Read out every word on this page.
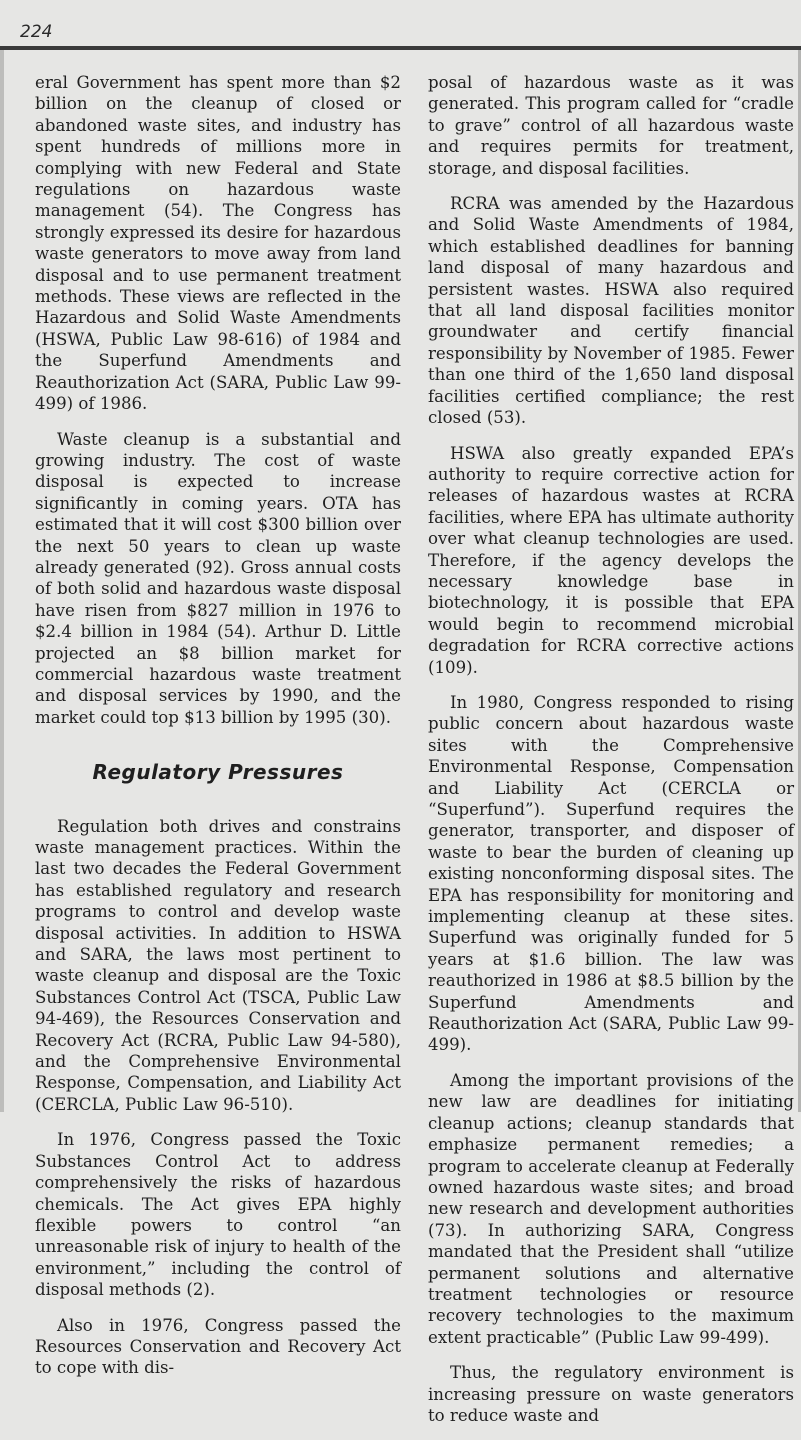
224

eral Government has spent more than $2 billion on the cleanup of closed or abandoned waste sites, and industry has spent hundreds of millions more in complying with new Federal and State regulations on hazardous waste management (54). The Congress has strongly expressed its desire for hazardous waste generators to move away from land disposal and to use permanent treatment methods. These views are reflected in the Hazardous and Solid Waste Amendments (HSWA, Public Law 98-616) of 1984 and the Superfund Amendments and Reauthorization Act (SARA, Public Law 99-499) of 1986.

Waste cleanup is a substantial and growing industry. The cost of waste disposal is expected to increase significantly in coming years. OTA has estimated that it will cost $300 billion over the next 50 years to clean up waste already generated (92). Gross annual costs of both solid and hazardous waste disposal have risen from $827 million in 1976 to $2.4 billion in 1984 (54). Arthur D. Little projected an $8 billion market for commercial hazardous waste treatment and disposal services by 1990, and the market could top $13 billion by 1995 (30).

Regulatory Pressures

Regulation both drives and constrains waste management practices. Within the last two decades the Federal Government has established regulatory and research programs to control and develop waste disposal activities. In addition to HSWA and SARA, the laws most pertinent to waste cleanup and disposal are the Toxic Substances Control Act (TSCA, Public Law 94-469), the Resources Conservation and Recovery Act (RCRA, Public Law 94-580), and the Comprehensive Environmental Response, Compensation, and Liability Act (CERCLA, Public Law 96-510).

In 1976, Congress passed the Toxic Substances Control Act to address comprehensively the risks of hazardous chemicals. The Act gives EPA highly flexible powers to control “an unreasonable risk of injury to health of the environment,” including the control of disposal methods (2).

Also in 1976, Congress passed the Resources Conservation and Recovery Act to cope with dis-

posal of hazardous waste as it was generated. This program called for “cradle to grave” control of all hazardous waste and requires permits for treatment, storage, and disposal facilities.

RCRA was amended by the Hazardous and Solid Waste Amendments of 1984, which established deadlines for banning land disposal of many hazardous and persistent wastes. HSWA also required that all land disposal facilities monitor groundwater and certify financial responsibility by November of 1985. Fewer than one third of the 1,650 land disposal facilities certified compliance; the rest closed (53).

HSWA also greatly expanded EPA’s authority to require corrective action for releases of hazardous wastes at RCRA facilities, where EPA has ultimate authority over what cleanup technologies are used. Therefore, if the agency develops the necessary knowledge base in biotechnology, it is possible that EPA would begin to recommend microbial degradation for RCRA corrective actions (109).

In 1980, Congress responded to rising public concern about hazardous waste sites with the Comprehensive Environmental Response, Compensation and Liability Act (CERCLA or “Superfund”). Superfund requires the generator, transporter, and disposer of waste to bear the burden of cleaning up existing nonconforming disposal sites. The EPA has responsibility for monitoring and implementing cleanup at these sites. Superfund was originally funded for 5 years at $1.6 billion. The law was reauthorized in 1986 at $8.5 billion by the Superfund Amendments and Reauthorization Act (SARA, Public Law 99-499).

Among the important provisions of the new law are deadlines for initiating cleanup actions; cleanup standards that emphasize permanent remedies; a program to accelerate cleanup at Federally owned hazardous waste sites; and broad new research and development authorities (73). In authorizing SARA, Congress mandated that the President shall “utilize permanent solutions and alternative treatment technologies or resource recovery technologies to the maximum extent practicable” (Public Law 99-499).

Thus, the regulatory environment is increasing pressure on waste generators to reduce waste and
